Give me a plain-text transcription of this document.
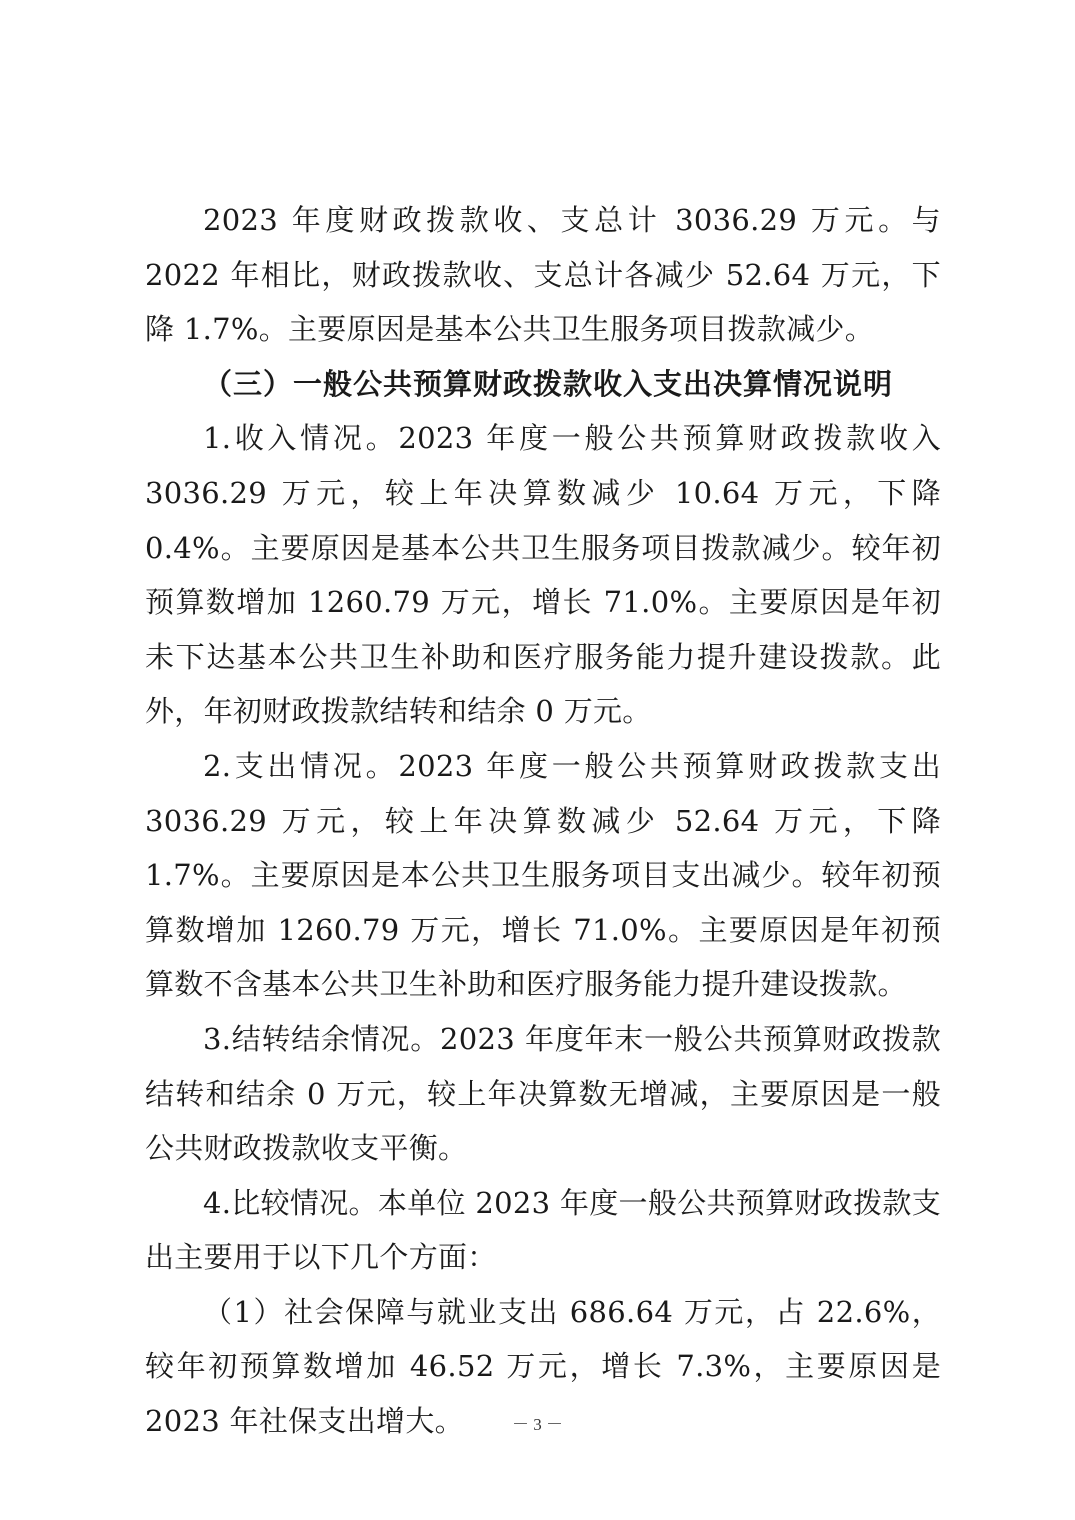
2023 年度财政拨款收、支总计 3036.29 万元。与 2022 年相比，财政拨款收、支总计各减少 52.64 万元，下降 1.7%。主要原因是基本公共卫生服务项目拨款减少。

（三）一般公共预算财政拨款收入支出决算情况说明

1.收入情况。2023 年度一般公共预算财政拨款收入 3036.29 万元，较上年决算数减少 10.64 万元，下降 0.4%。主要原因是基本公共卫生服务项目拨款减少。较年初预算数增加 1260.79 万元，增长 71.0%。主要原因是年初未下达基本公共卫生补助和医疗服务能力提升建设拨款。此外，年初财政拨款结转和结余 0 万元。

2.支出情况。2023 年度一般公共预算财政拨款支出 3036.29 万元，较上年决算数减少 52.64 万元，下降 1.7%。主要原因是本公共卫生服务项目支出减少。较年初预算数增加 1260.79 万元，增长 71.0%。主要原因是年初预算数不含基本公共卫生补助和医疗服务能力提升建设拨款。

3.结转结余情况。2023 年度年末一般公共预算财政拨款结转和结余 0 万元，较上年决算数无增减，主要原因是一般公共财政拨款收支平衡。

4.比较情况。本单位 2023 年度一般公共预算财政拨款支出主要用于以下几个方面：

（1）社会保障与就业支出 686.64 万元，占 22.6%，较年初预算数增加 46.52 万元，增长 7.3%，主要原因是 2023 年社保支出增大。	－ 3 －
